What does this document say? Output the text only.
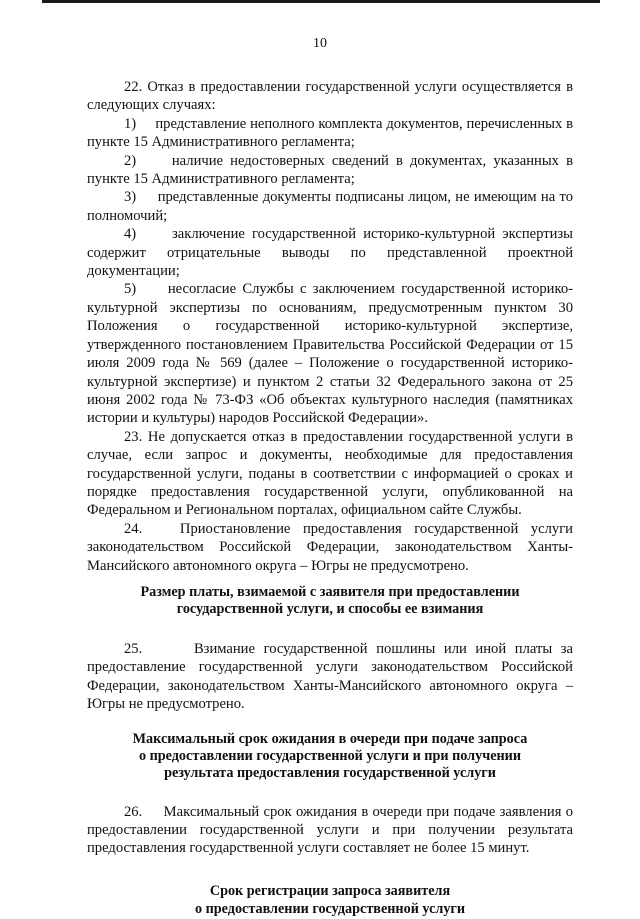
10

22. Отказ в предоставлении государственной услуги осуществляется в следующих случаях:

1)     представление неполного комплекта документов, перечисленных в пункте 15 Административного регламента;

2)     наличие недостоверных сведений в документах, указанных в пункте 15 Административного регламента;

3)     представленные документы подписаны лицом, не имеющим на то полномочий;

4)     заключение государственной историко-культурной экспертизы содержит отрицательные выводы по представленной проектной документации;

5)     несогласие Службы с заключением государственной историко-культурной экспертизы по основаниям, предусмотренным пунктом 30 Положения о государственной историко-культурной экспертизе, утвержденного постановлением Правительства Российской Федерации от 15 июля 2009 года № 569 (далее – Положение о государственной историко-культурной экспертизе) и пунктом 2 статьи 32 Федерального закона от 25 июня 2002 года № 73-ФЗ «Об объектах культурного наследия (памятниках истории и культуры) народов Российской Федерации».

23. Не допускается отказ в предоставлении государственной услуги в случае, если запрос и документы, необходимые для предоставления государственной услуги, поданы в соответствии с информацией о сроках и порядке предоставления государственной услуги, опубликованной на Федеральном и Региональном порталах, официальном сайте Службы.

24.   Приостановление предоставления государственной услуги законодательством Российской Федерации, законодательством Ханты-Мансийского автономного округа – Югры не предусмотрено.

Размер платы, взимаемой с заявителя при предоставлении
государственной услуги, и способы ее взимания

25.      Взимание государственной пошлины или иной платы за предоставление государственной услуги законодательством Российской Федерации, законодательством Ханты-Мансийского автономного округа – Югры не предусмотрено.

Максимальный срок ожидания в очереди при подаче запроса
о предоставлении государственной услуги и при получении
результата предоставления государственной услуги

26.     Максимальный срок ожидания в очереди при подаче заявления о предоставлении государственной услуги и при получении результата предоставления государственной услуги составляет не более 15 минут.

Срок регистрации запроса заявителя
о предоставлении государственной услуги
